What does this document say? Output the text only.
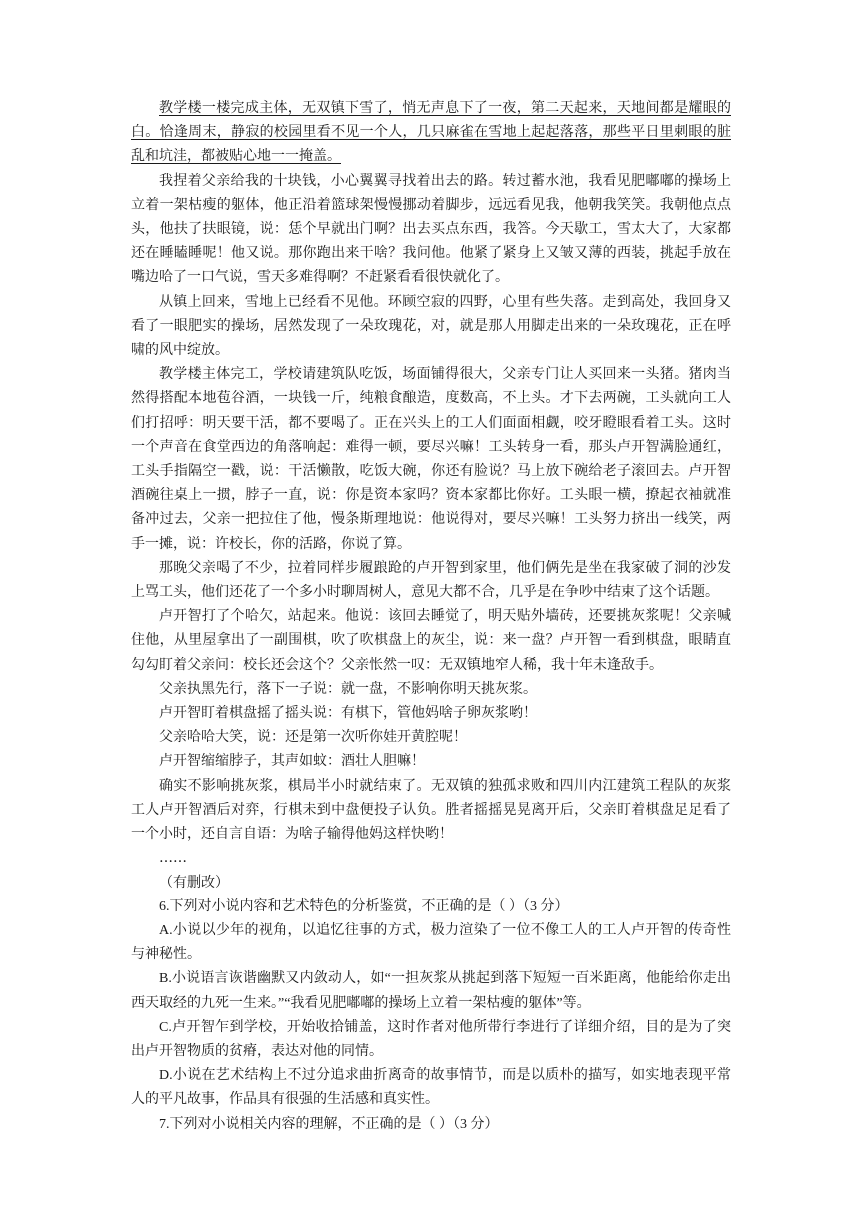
教学楼一楼完成主体，无双镇下雪了，悄无声息下了一夜，第二天起来，天地间都是耀眼的白。恰逢周末，静寂的校园里看不见一个人，几只麻雀在雪地上起起落落，那些平日里刺眼的脏乱和坑洼，都被贴心地一一掩盖。

我捏着父亲给我的十块钱，小心翼翼寻找着出去的路。转过蓄水池，我看见肥嘟嘟的操场上立着一架枯瘦的躯体，他正沿着篮球架慢慢挪动着脚步，远远看见我，他朝我笑笑。我朝他点点头，他扶了扶眼镜，说：恁个早就出门啊？出去买点东西，我答。今天歇工，雪太大了，大家都还在睡瞌睡呢！他又说。那你跑出来干啥？我问他。他紧了紧身上又皱又薄的西装，挑起手放在嘴边哈了一口气说，雪天多难得啊？不赶紧看看很快就化了。

从镇上回来，雪地上已经看不见他。环顾空寂的四野，心里有些失落。走到高处，我回身又看了一眼肥实的操场，居然发现了一朵玫瑰花，对，就是那人用脚走出来的一朵玫瑰花，正在呼啸的风中绽放。

教学楼主体完工，学校请建筑队吃饭，场面铺得很大，父亲专门让人买回来一头猪。猪肉当然得搭配本地苞谷酒，一块钱一斤，纯粮食酿造，度数高，不上头。才下去两碗，工头就向工人们打招呼：明天要干活，都不要喝了。正在兴头上的工人们面面相觑，咬牙瞪眼看着工头。这时一个声音在食堂西边的角落响起：难得一顿，要尽兴嘛！工头转身一看，那头卢开智满脸通红，工头手指隔空一戳，说：干活懒散，吃饭大碗，你还有脸说？马上放下碗给老子滚回去。卢开智酒碗往桌上一掼，脖子一直，说：你是资本家吗？资本家都比你好。工头眼一横，撩起衣袖就准备冲过去，父亲一把拉住了他，慢条斯理地说：他说得对，要尽兴嘛！工头努力挤出一线笑，两手一摊，说：许校长，你的活路，你说了算。

那晚父亲喝了不少，拉着同样步履踉跄的卢开智到家里，他们俩先是坐在我家破了洞的沙发上骂工头，他们还花了一个多小时聊周树人，意见大都不合，几乎是在争吵中结束了这个话题。

卢开智打了个哈欠，站起来。他说：该回去睡觉了，明天贴外墙砖，还要挑灰浆呢！父亲喊住他，从里屋拿出了一副围棋，吹了吹棋盘上的灰尘，说：来一盘？卢开智一看到棋盘，眼睛直勾勾盯着父亲问：校长还会这个？父亲怅然一叹：无双镇地窄人稀，我十年未逢敌手。

父亲执黑先行，落下一子说：就一盘，不影响你明天挑灰浆。

卢开智盯着棋盘摇了摇头说：有棋下，管他妈啥子卵灰浆哟！

父亲哈哈大笑，说：还是第一次听你娃开黄腔呢！

卢开智缩缩脖子，其声如蚊：酒壮人胆嘛！

确实不影响挑灰浆，棋局半小时就结束了。无双镇的独孤求败和四川内江建筑工程队的灰浆工人卢开智酒后对弈，行棋未到中盘便投子认负。胜者摇摇晃晃离开后，父亲盯着棋盘足足看了一个小时，还自言自语：为啥子输得他妈这样快哟！

……

（有删改）

6.下列对小说内容和艺术特色的分析鉴赏，不正确的是（ ）（3 分）

A.小说以少年的视角，以追忆往事的方式，极力渲染了一位不像工人的工人卢开智的传奇性与神秘性。

B.小说语言诙谐幽默又内敛动人，如“一担灰浆从挑起到落下短短一百米距离，他能给你走出西天取经的九死一生来。”“我看见肥嘟嘟的操场上立着一架枯瘦的躯体”等。

C.卢开智乍到学校，开始收拾铺盖，这时作者对他所带行李进行了详细介绍，目的是为了突出卢开智物质的贫瘠，表达对他的同情。

D.小说在艺术结构上不过分追求曲折离奇的故事情节，而是以质朴的描写，如实地表现平常人的平凡故事，作品具有很强的生活感和真实性。

7.下列对小说相关内容的理解，不正确的是（ ）（3 分）
